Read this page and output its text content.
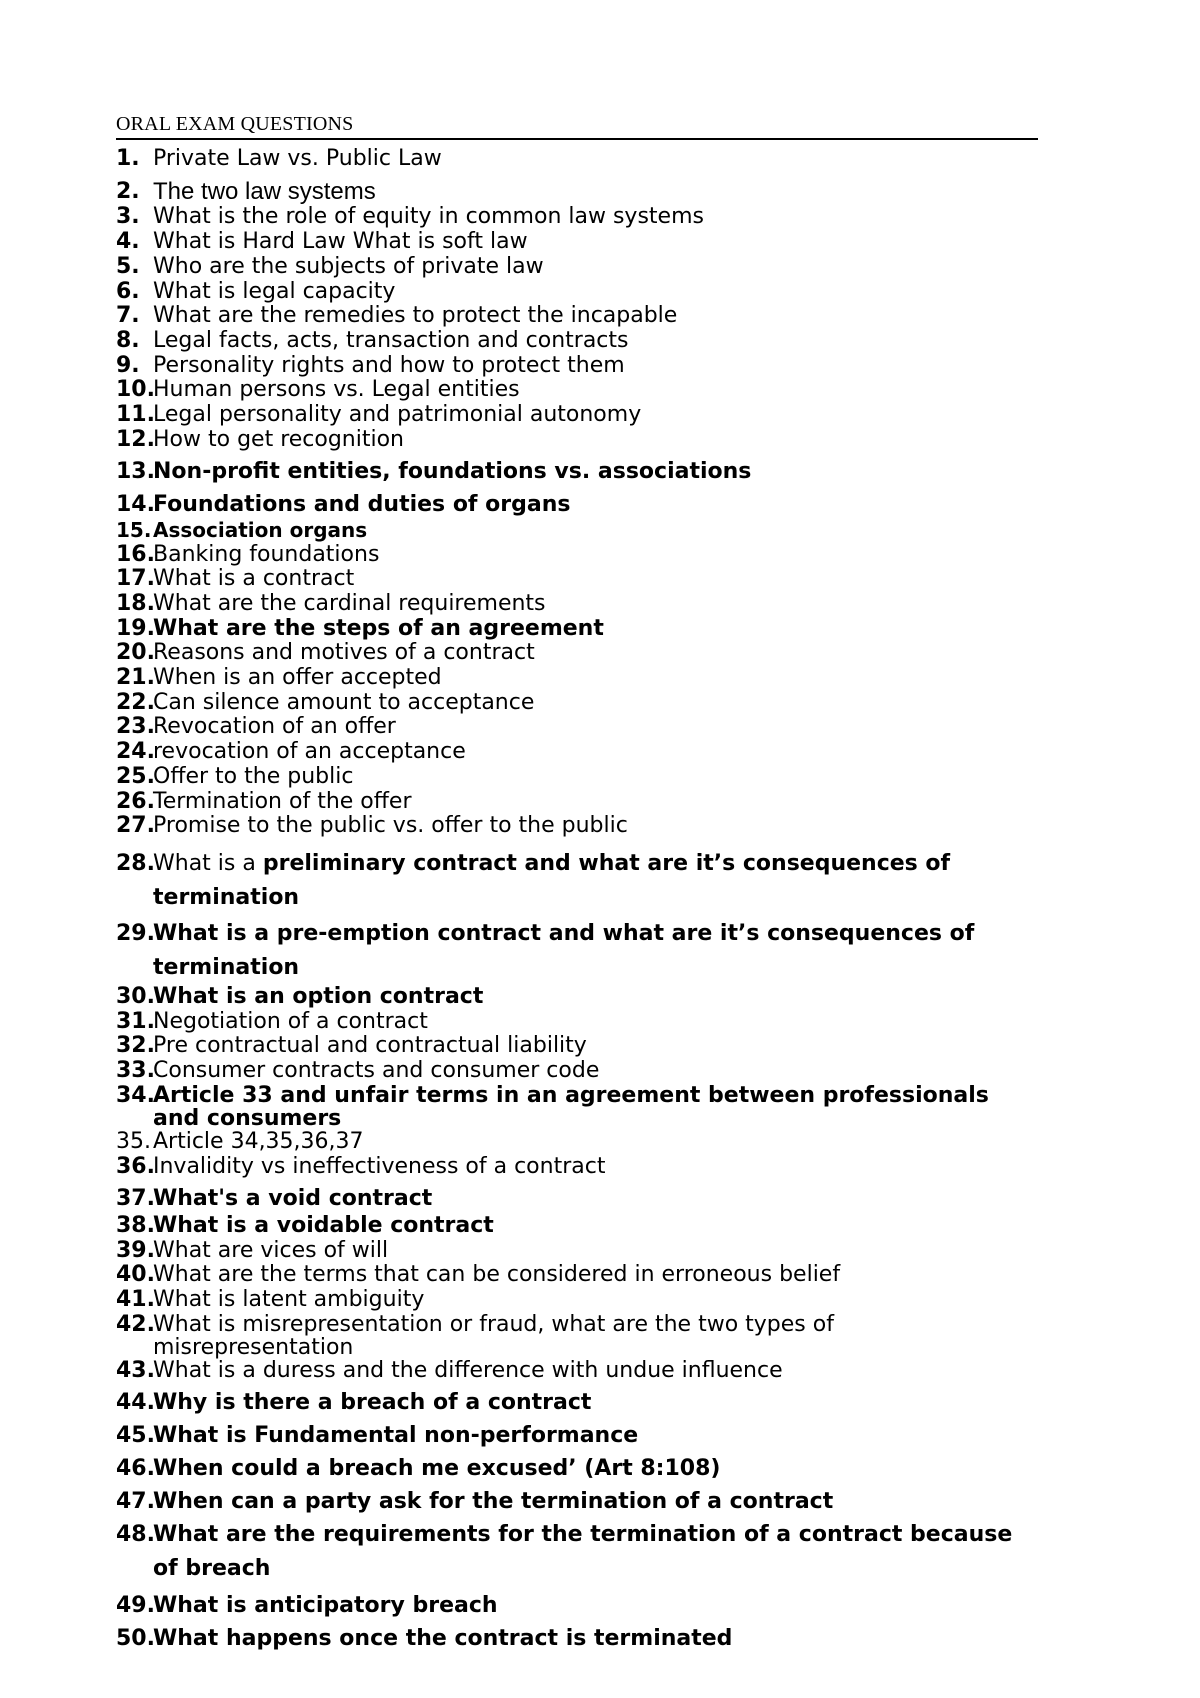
ORAL EXAM QUESTIONS
1. Private Law vs. Public Law
2. The two law systems
3. What is the role of equity in common law systems
4. What is Hard Law What is soft law
5. Who are the subjects of private law
6. What is legal capacity
7. What are the remedies to protect the incapable
8. Legal facts, acts, transaction and contracts
9. Personality rights and how to protect them
10.
Human persons vs. Legal entities
11.
Legal personality and patrimonial autonomy
12.
How to get recognition
13.
Non-profit entities, foundations vs. associations
14.
Foundations and duties of organs
15. Association organs
16.
Banking foundations
17.
What is a contract
18.
What are the cardinal requirements
19.
What are the steps of an agreement
20.
Reasons and motives of a contract
21.
When is an offer accepted
22.
Can silence amount to acceptance
23.
Revocation of an offer
24.
revocation of an acceptance
25.
Offer to the public
26.
Termination of the offer
27.
Promise to the public vs. offer to the public
28.
What is a preliminary contract and what are it’s consequences of termination
29.
What is a pre-emption contract and what are it’s consequences of termination
30.
What is an option contract
31.
Negotiation of a contract
32.
Pre contractual and contractual liability
33.
Consumer contracts and consumer code
34.
Article 33 and unfair terms in an agreement between professionals and consumers
35. Article 34,35,36,37
36.
Invalidity vs ineffectiveness of a contract
37.
What's a void contract
38.
What is a voidable contract
39.
What are vices of will
40.
What are the terms that can be considered in erroneous belief
41.
What is latent ambiguity
42.
What is misrepresentation or fraud, what are the two types of misrepresentation
43.
What is a duress and the difference with undue influence
44.
Why is there a breach of a contract
45.
What is Fundamental non-performance
46.
When could a breach me excused’ (Art 8:108)
47.
When can a party ask for the termination of a contract
48.
What are the requirements for the termination of a contract because of breach
49.
What is anticipatory breach
50.
What happens once the contract is terminated
